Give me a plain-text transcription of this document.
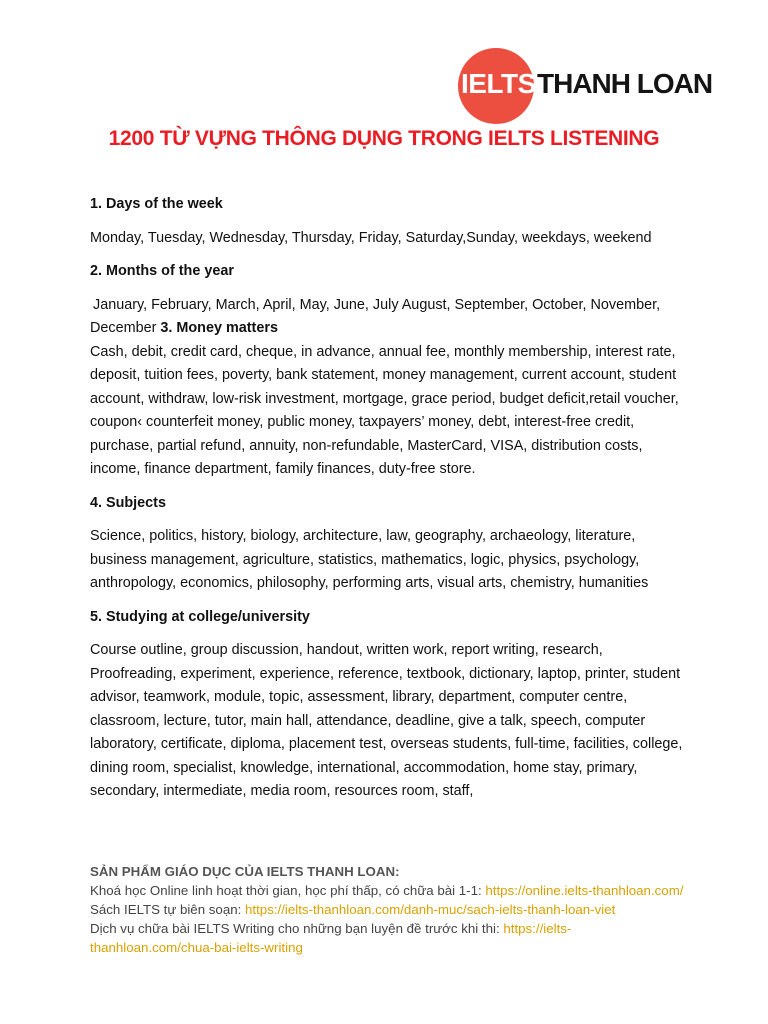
IELTS THANH LOAN
1200 TỪ VỰNG THÔNG DỤNG TRONG IELTS LISTENING
1. Days of the week
Monday, Tuesday, Wednesday, Thursday, Friday, Saturday,Sunday, weekdays, weekend
2. Months of the year
January, February, March, April, May, June, July August, September, October, November, December 3. Money matters
Cash, debit, credit card, cheque, in advance, annual fee, monthly membership, interest rate, deposit, tuition fees, poverty, bank statement, money management, current account, student account, withdraw, low-risk investment, mortgage, grace period, budget deficit,retail voucher, coupon‹ counterfeit money, public money, taxpayers’ money, debt, interest-free credit, purchase, partial refund, annuity, non-refundable, MasterCard, VISA, distribution costs, income, finance department, family finances, duty-free store.
4. Subjects
Science, politics, history, biology, architecture, law, geography, archaeology, literature, business management, agriculture, statistics, mathematics, logic, physics, psychology, anthropology, economics, philosophy, performing arts, visual arts, chemistry, humanities
5. Studying at college/university
Course outline, group discussion, handout, written work, report writing, research, Proofreading, experiment, experience, reference, textbook, dictionary, laptop, printer, student advisor, teamwork, module, topic, assessment, library, department, computer centre, classroom, lecture, tutor, main hall, attendance, deadline, give a talk, speech, computer laboratory, certificate, diploma, placement test, overseas students, full-time, facilities, college, dining room, specialist, knowledge, international, accommodation, home stay, primary, secondary, intermediate, media room, resources room, staff,
SẢN PHẨM GIÁO DỤC CỦA IELTS THANH LOAN:
Khoá học Online linh hoạt thời gian, học phí thấp, có chữa bài 1-1: https://online.ielts-thanhloan.com/
Sách IELTS tự biên soạn: https://ielts-thanhloan.com/danh-muc/sach-ielts-thanh-loan-viet
Dịch vụ chữa bài IELTS Writing cho những bạn luyện đề trước khi thi: https://ielts-thanhloan.com/chua-bai-ielts-writing
